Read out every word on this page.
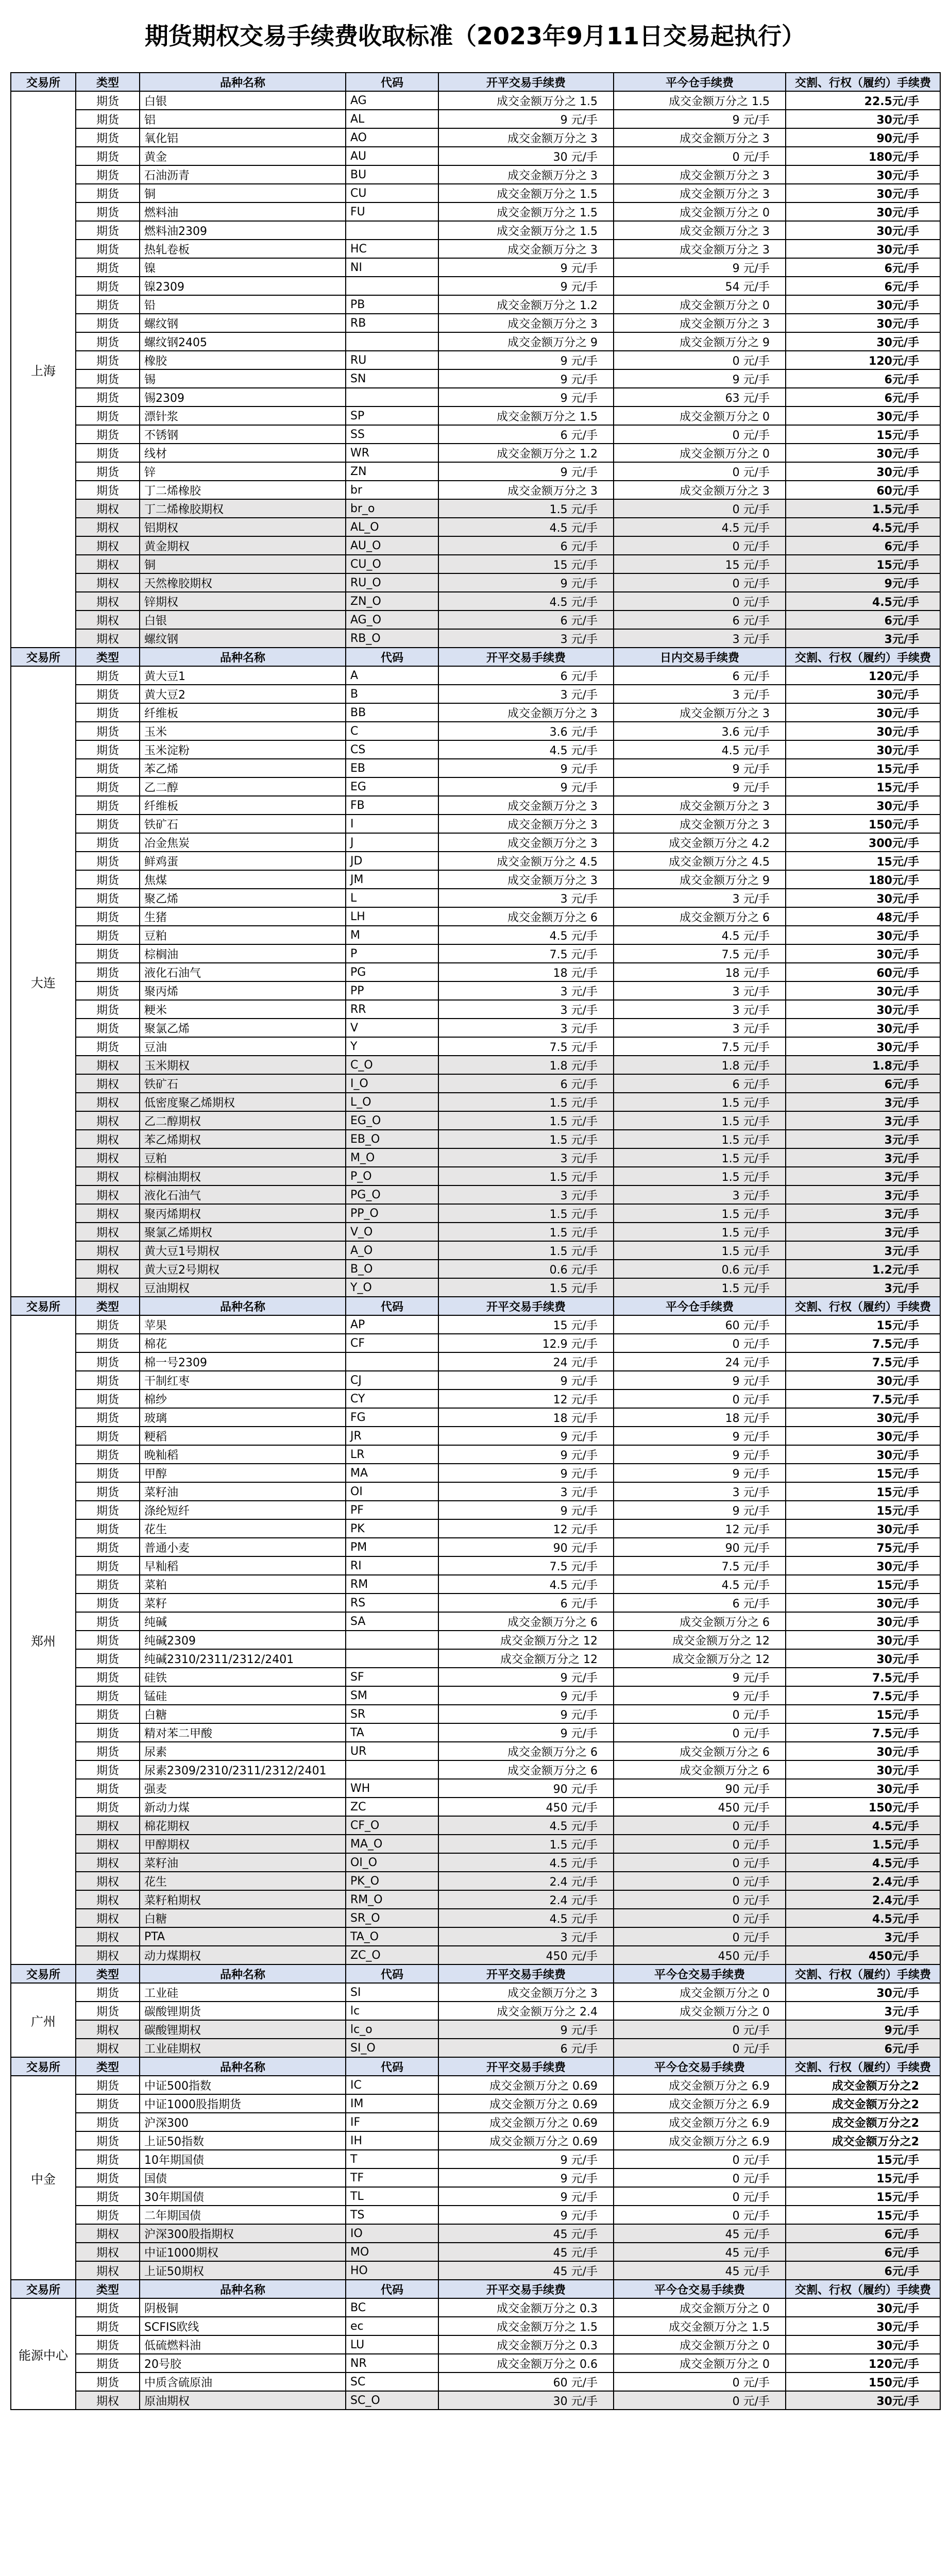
期货期权交易手续费收取标准（2023年9月11日交易起执行）
交易所	类型	品种名称	代码	开平交易手续费	平今仓手续费	交割、行权（履约）手续费
上海	期货	白银	AG	成交金额万分之 1.5	成交金额万分之 1.5	22.5元/手
	期货	铝	AL	9 元/手	9 元/手	30元/手
	期货	氧化铝	AO	成交金额万分之 3	成交金额万分之 3	90元/手
	期货	黄金	AU	30 元/手	0 元/手	180元/手
	期货	石油沥青	BU	成交金额万分之 3	成交金额万分之 3	30元/手
	期货	铜	CU	成交金额万分之 1.5	成交金额万分之 3	30元/手
	期货	燃料油	FU	成交金额万分之 1.5	成交金额万分之 0	30元/手
	期货	燃料油2309		成交金额万分之 1.5	成交金额万分之 3	30元/手
	期货	热轧卷板	HC	成交金额万分之 3	成交金额万分之 3	30元/手
	期货	镍	NI	9 元/手	9 元/手	6元/手
	期货	镍2309		9 元/手	54 元/手	6元/手
	期货	铅	PB	成交金额万分之 1.2	成交金额万分之 0	30元/手
	期货	螺纹钢	RB	成交金额万分之 3	成交金额万分之 3	30元/手
	期货	螺纹钢2405		成交金额万分之 9	成交金额万分之 9	30元/手
	期货	橡胶	RU	9 元/手	0 元/手	120元/手
	期货	锡	SN	9 元/手	9 元/手	6元/手
	期货	锡2309		9 元/手	63 元/手	6元/手
	期货	漂针浆	SP	成交金额万分之 1.5	成交金额万分之 0	30元/手
	期货	不锈钢	SS	6 元/手	0 元/手	15元/手
	期货	线材	WR	成交金额万分之 1.2	成交金额万分之 0	30元/手
	期货	锌	ZN	9 元/手	0 元/手	30元/手
	期货	丁二烯橡胶	br	成交金额万分之 3	成交金额万分之 3	60元/手
	期权	丁二烯橡胶期权	br_o	1.5 元/手	0 元/手	1.5元/手
	期权	铝期权	AL_O	4.5 元/手	4.5 元/手	4.5元/手
	期权	黄金期权	AU_O	6 元/手	0 元/手	6元/手
	期权	铜	CU_O	15 元/手	15 元/手	15元/手
	期权	天然橡胶期权	RU_O	9 元/手	0 元/手	9元/手
	期权	锌期权	ZN_O	4.5 元/手	0 元/手	4.5元/手
	期权	白银	AG_O	6 元/手	6 元/手	6元/手
	期权	螺纹钢	RB_O	3 元/手	3 元/手	3元/手
交易所	类型	品种名称	代码	开平交易手续费	日内交易手续费	交割、行权（履约）手续费
大连	期货	黄大豆1	A	6 元/手	6 元/手	120元/手
	期货	黄大豆2	B	3 元/手	3 元/手	30元/手
	期货	纤维板	BB	成交金额万分之 3	成交金额万分之 3	30元/手
	期货	玉米	C	3.6 元/手	3.6 元/手	30元/手
	期货	玉米淀粉	CS	4.5 元/手	4.5 元/手	30元/手
	期货	苯乙烯	EB	9 元/手	9 元/手	15元/手
	期货	乙二醇	EG	9 元/手	9 元/手	15元/手
	期货	纤维板	FB	成交金额万分之 3	成交金额万分之 3	30元/手
	期货	铁矿石	I	成交金额万分之 3	成交金额万分之 3	150元/手
	期货	冶金焦炭	J	成交金额万分之 3	成交金额万分之 4.2	300元/手
	期货	鲜鸡蛋	JD	成交金额万分之 4.5	成交金额万分之 4.5	15元/手
	期货	焦煤	JM	成交金额万分之 3	成交金额万分之 9	180元/手
	期货	聚乙烯	L	3 元/手	3 元/手	30元/手
	期货	生猪	LH	成交金额万分之 6	成交金额万分之 6	48元/手
	期货	豆粕	M	4.5 元/手	4.5 元/手	30元/手
	期货	棕榈油	P	7.5 元/手	7.5 元/手	30元/手
	期货	液化石油气	PG	18 元/手	18 元/手	60元/手
	期货	聚丙烯	PP	3 元/手	3 元/手	30元/手
	期货	粳米	RR	3 元/手	3 元/手	30元/手
	期货	聚氯乙烯	V	3 元/手	3 元/手	30元/手
	期货	豆油	Y	7.5 元/手	7.5 元/手	30元/手
	期权	玉米期权	C_O	1.8 元/手	1.8 元/手	1.8元/手
	期权	铁矿石	I_O	6 元/手	6 元/手	6元/手
	期权	低密度聚乙烯期权	L_O	1.5 元/手	1.5 元/手	3元/手
	期权	乙二醇期权	EG_O	1.5 元/手	1.5 元/手	3元/手
	期权	苯乙烯期权	EB_O	1.5 元/手	1.5 元/手	3元/手
	期权	豆粕	M_O	3 元/手	1.5 元/手	3元/手
	期权	棕榈油期权	P_O	1.5 元/手	1.5 元/手	3元/手
	期权	液化石油气	PG_O	3 元/手	3 元/手	3元/手
	期权	聚丙烯期权	PP_O	1.5 元/手	1.5 元/手	3元/手
	期权	聚氯乙烯期权	V_O	1.5 元/手	1.5 元/手	3元/手
	期权	黄大豆1号期权	A_O	1.5 元/手	1.5 元/手	3元/手
	期权	黄大豆2号期权	B_O	0.6 元/手	0.6 元/手	1.2元/手
	期权	豆油期权	Y_O	1.5 元/手	1.5 元/手	3元/手
交易所	类型	品种名称	代码	开平交易手续费	平今仓手续费	交割、行权（履约）手续费
郑州	期货	苹果	AP	15 元/手	60 元/手	15元/手
	期货	棉花	CF	12.9 元/手	0 元/手	7.5元/手
	期货	棉一号2309		24 元/手	24 元/手	7.5元/手
	期货	干制红枣	CJ	9 元/手	9 元/手	30元/手
	期货	棉纱	CY	12 元/手	0 元/手	7.5元/手
	期货	玻璃	FG	18 元/手	18 元/手	30元/手
	期货	粳稻	JR	9 元/手	9 元/手	30元/手
	期货	晚籼稻	LR	9 元/手	9 元/手	30元/手
	期货	甲醇	MA	9 元/手	9 元/手	15元/手
	期货	菜籽油	OI	3 元/手	3 元/手	15元/手
	期货	涤纶短纤	PF	9 元/手	9 元/手	15元/手
	期货	花生	PK	12 元/手	12 元/手	30元/手
	期货	普通小麦	PM	90 元/手	90 元/手	75元/手
	期货	早籼稻	RI	7.5 元/手	7.5 元/手	30元/手
	期货	菜粕	RM	4.5 元/手	4.5 元/手	15元/手
	期货	菜籽	RS	6 元/手	6 元/手	30元/手
	期货	纯碱	SA	成交金额万分之 6	成交金额万分之 6	30元/手
	期货	纯碱2309		成交金额万分之 12	成交金额万分之 12	30元/手
	期货	纯碱2310/2311/2312/2401		成交金额万分之 12	成交金额万分之 12	30元/手
	期货	硅铁	SF	9 元/手	9 元/手	7.5元/手
	期货	锰硅	SM	9 元/手	9 元/手	7.5元/手
	期货	白糖	SR	9 元/手	0 元/手	15元/手
	期货	精对苯二甲酸	TA	9 元/手	0 元/手	7.5元/手
	期货	尿素	UR	成交金额万分之 6	成交金额万分之 6	30元/手
	期货	尿素2309/2310/2311/2312/2401		成交金额万分之 6	成交金额万分之 6	30元/手
	期货	强麦	WH	90 元/手	90 元/手	30元/手
	期货	新动力煤	ZC	450 元/手	450 元/手	150元/手
	期权	棉花期权	CF_O	4.5 元/手	0 元/手	4.5元/手
	期权	甲醇期权	MA_O	1.5 元/手	0 元/手	1.5元/手
	期权	菜籽油	OI_O	4.5 元/手	0 元/手	4.5元/手
	期权	花生	PK_O	2.4 元/手	0 元/手	2.4元/手
	期权	菜籽粕期权	RM_O	2.4 元/手	0 元/手	2.4元/手
	期权	白糖	SR_O	4.5 元/手	0 元/手	4.5元/手
	期权	PTA	TA_O	3 元/手	0 元/手	3元/手
	期权	动力煤期权	ZC_O	450 元/手	450 元/手	450元/手
交易所	类型	品种名称	代码	开平交易手续费	平今仓交易手续费	交割、行权（履约）手续费
广州	期货	工业硅	SI	成交金额万分之 3	成交金额万分之 0	30元/手
	期货	碳酸锂期货	lc	成交金额万分之 2.4	成交金额万分之 0	3元/手
	期权	碳酸锂期权	lc_o	9 元/手	0 元/手	9元/手
	期权	工业硅期权	SI_O	6 元/手	0 元/手	6元/手
交易所	类型	品种名称	代码	开平交易手续费	平今仓交易手续费	交割、行权（履约）手续费
中金	期货	中证500指数	IC	成交金额万分之 0.69	成交金额万分之 6.9	成交金额万分之2
	期货	中证1000股指期货	IM	成交金额万分之 0.69	成交金额万分之 6.9	成交金额万分之2
	期货	沪深300	IF	成交金额万分之 0.69	成交金额万分之 6.9	成交金额万分之2
	期货	上证50指数	IH	成交金额万分之 0.69	成交金额万分之 6.9	成交金额万分之2
	期货	10年期国债	T	9 元/手	0 元/手	15元/手
	期货	国债	TF	9 元/手	0 元/手	15元/手
	期货	30年期国债	TL	9 元/手	0 元/手	15元/手
	期货	二年期国债	TS	9 元/手	0 元/手	15元/手
	期权	沪深300股指期权	IO	45 元/手	45 元/手	6元/手
	期权	中证1000期权	MO	45 元/手	45 元/手	6元/手
	期权	上证50期权	HO	45 元/手	45 元/手	6元/手
交易所	类型	品种名称	代码	开平交易手续费	平今仓交易手续费	交割、行权（履约）手续费
能源中心	期货	阴极铜	BC	成交金额万分之 0.3	成交金额万分之 0	30元/手
	期货	SCFIS欧线	ec	成交金额万分之 1.5	成交金额万分之 1.5	30元/手
	期货	低硫燃料油	LU	成交金额万分之 0.3	成交金额万分之 0	30元/手
	期货	20号胶	NR	成交金额万分之 0.6	成交金额万分之 0	120元/手
	期货	中质含硫原油	SC	60 元/手	0 元/手	150元/手
	期权	原油期权	SC_O	30 元/手	0 元/手	30元/手
